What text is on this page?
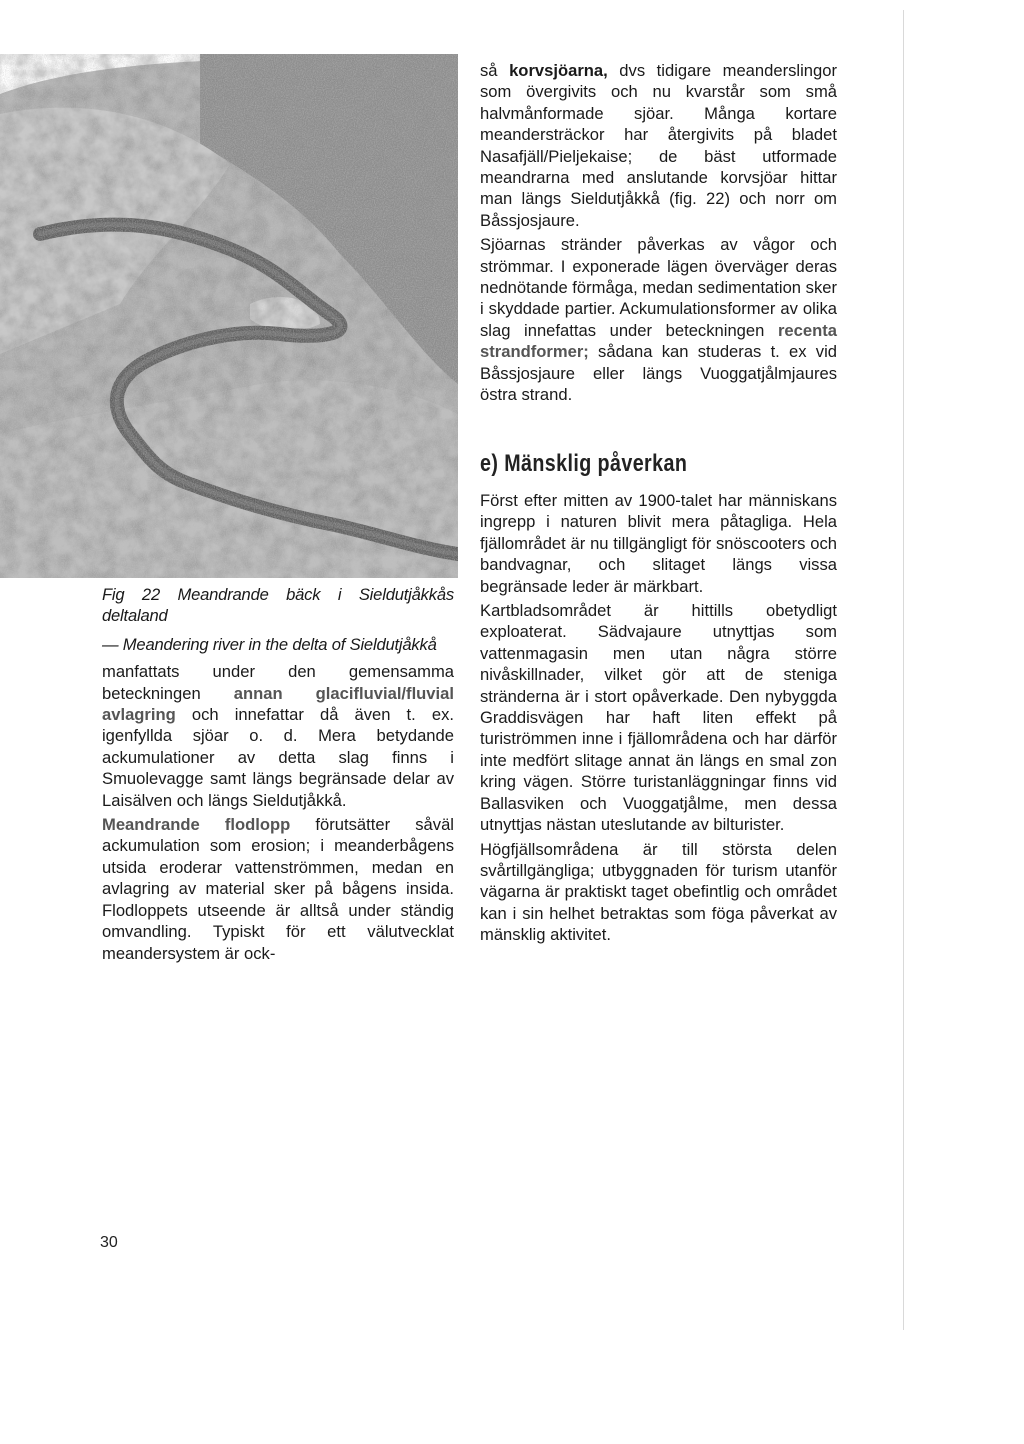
Fig 22 Meandrande bäck i Sieldutjåkkås deltaland

— Meandering river in the delta of Sieldutjåkkå

manfattats under den gemensamma beteckningen annan glacifluvial/fluvial avlagring och innefattar då även t. ex. igenfyllda sjöar o. d. Mera betydande ackumulationer av detta slag finns i Smuolevagge samt längs begränsade delar av Laisälven och längs Sieldutjåkkå.

Meandrande flodlopp förutsätter såväl ackumulation som erosion; i meanderbågens utsida eroderar vattenströmmen, medan en avlagring av material sker på bågens insida. Flodloppets utseende är alltså under ständig omvandling. Typiskt för ett välutvecklat meandersystem är ock-

så korvsjöarna, dvs tidigare meanderslingor som övergivits och nu kvarstår som små halvmånformade sjöar. Många kortare meandersträckor har återgivits på bladet Nasafjäll/Pieljekaise; de bäst utformade meandrarna med anslutande korvsjöar hittar man längs Sieldutjåkkå (fig. 22) och norr om Båssjosjaure.

Sjöarnas stränder påverkas av vågor och strömmar. I exponerade lägen överväger deras nednötande förmåga, medan sedimentation sker i skyddade partier. Ackumulationsformer av olika slag innefattas under beteckningen recenta strandformer; sådana kan studeras t. ex vid Båssjosjaure eller längs Vuoggatjålmjaures östra strand.

e) Mänsklig påverkan

Först efter mitten av 1900-talet har människans ingrepp i naturen blivit mera påtagliga. Hela fjällområdet är nu tillgängligt för snöscooters och bandvagnar, och slitaget längs vissa begränsade leder är märkbart.

Kartbladsområdet är hittills obetydligt exploaterat. Sädvajaure utnyttjas som vattenmagasin men utan några större nivåskillnader, vilket gör att de steniga stränderna är i stort opåverkade. Den nybyggda Graddisvägen har haft liten effekt på turiströmmen inne i fjällområdena och har därför inte medfört slitage annat än längs en smal zon kring vägen. Större turistanläggningar finns vid Ballasviken och Vuoggatjålme, men dessa utnyttjas nästan uteslutande av bilturister.

Högfjällsområdena är till största delen svårtillgängliga; utbyggnaden för turism utanför vägarna är praktiskt taget obefintlig och området kan i sin helhet betraktas som föga påverkat av mänsklig aktivitet.

30
